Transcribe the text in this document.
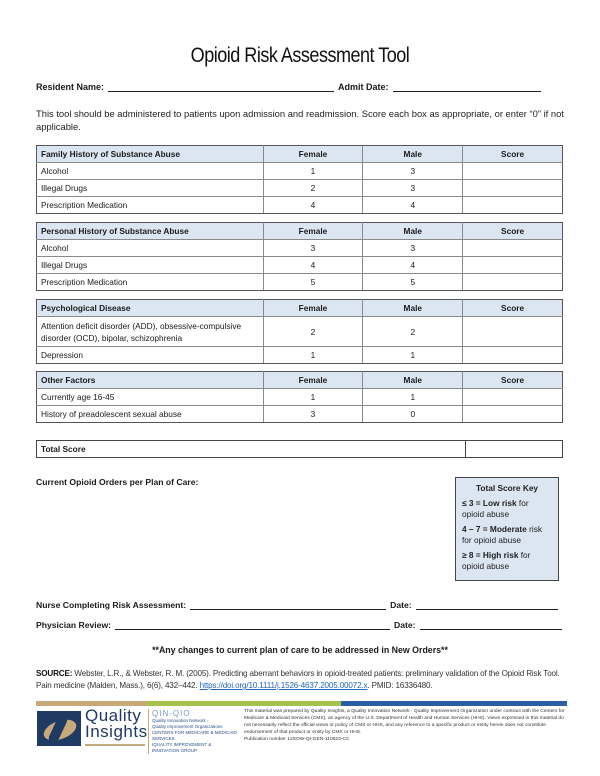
Opioid Risk Assessment Tool
Resident Name:	Admit Date:
This tool should be administered to patients upon admission and readmission. Score each box as appropriate, or enter “0” if not applicable.
Family History of Substance Abuse	Female	Male	Score
Alcohol	1	3	
Illegal Drugs	2	3	
Prescription Medication	4	4	
Personal History of Substance Abuse	Female	Male	Score
Alcohol	3	3	
Illegal Drugs	4	4	
Prescription Medication	5	5	
Psychological Disease	Female	Male	Score
Attention deficit disorder (ADD), obsessive-compulsive disorder (OCD), bipolar, schizophrenia	2	2	
Depression	1	1	
Other Factors	Female	Male	Score
Currently age 16-45	1	1	
History of preadolescent sexual abuse	3	0	
Total Score
Current Opioid Orders per Plan of Care:
Total Score Key
≤ 3 = Low risk for opioid abuse
4 – 7 = Moderate risk for opioid abuse
≥ 8 = High risk for opioid abuse
Nurse Completing Risk Assessment:	Date:
Physician Review:	Date:
**Any changes to current plan of care to be addressed in New Orders**
SOURCE: Webster, L.R., & Webster, R. M. (2005). Predicting aberrant behaviors in opioid-treated patients: preliminary validation of the Opioid Risk Tool. Pain medicine (Malden, Mass.), 6(6), 432–442. https://doi.org/10.1111/j.1526-4637.2005.00072.x. PMID: 16336480.
Quality
Insights
QIN-QIO
Quality Innovation Network -
Quality Improvement Organizations
CENTERS FOR MEDICARE & MEDICAID SERVICES
IQUALITY IMPROVEMENT & INNOVATION GROUP
This material was prepared by Quality Insights, a Quality Innovation Network - Quality Improvement Organization under contract with the Centers for Medicare & Medicaid Services (CMS), an agency of the U.S. Department of Health and Human Services (HHS). Views expressed in this material do not necessarily reflect the official views or policy of CMS or HHS, and any reference to a specific product or entity herein does not constitute endorsement of that product or entity by CMS or HHS.
Publication number 12SOW-QI-GEN-110623-CC
